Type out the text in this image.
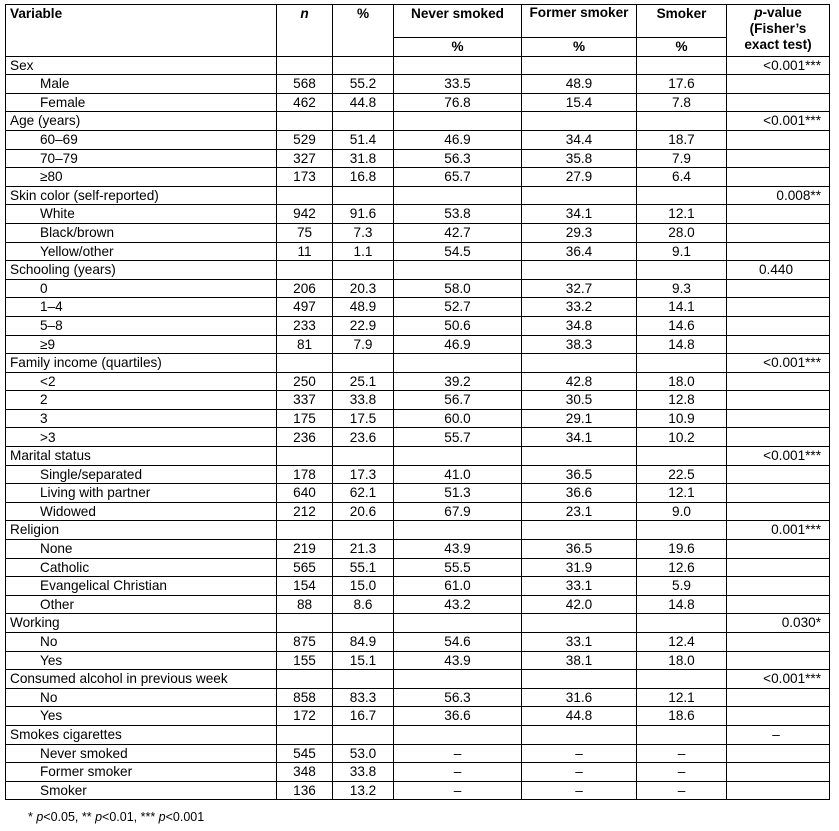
Variable	n	%	Never smoked	Former smoker	Smoker	p-value (Fisher’s exact test)
			%	%	%	
Sex						<0.001***
Male	568	55.2	33.5	48.9	17.6	
Female	462	44.8	76.8	15.4	7.8	
Age (years)						<0.001***
60–69	529	51.4	46.9	34.4	18.7	
70–79	327	31.8	56.3	35.8	7.9	
≥80	173	16.8	65.7	27.9	6.4	
Skin color (self-reported)						0.008**
White	942	91.6	53.8	34.1	12.1	
Black/brown	75	7.3	42.7	29.3	28.0	
Yellow/other	11	1.1	54.5	36.4	9.1	
Schooling (years)						0.440
0	206	20.3	58.0	32.7	9.3	
1–4	497	48.9	52.7	33.2	14.1	
5–8	233	22.9	50.6	34.8	14.6	
≥9	81	7.9	46.9	38.3	14.8	
Family income (quartiles)						<0.001***
<2	250	25.1	39.2	42.8	18.0	
2	337	33.8	56.7	30.5	12.8	
3	175	17.5	60.0	29.1	10.9	
>3	236	23.6	55.7	34.1	10.2	
Marital status						<0.001***
Single/separated	178	17.3	41.0	36.5	22.5	
Living with partner	640	62.1	51.3	36.6	12.1	
Widowed	212	20.6	67.9	23.1	9.0	
Religion						0.001***
None	219	21.3	43.9	36.5	19.6	
Catholic	565	55.1	55.5	31.9	12.6	
Evangelical Christian	154	15.0	61.0	33.1	5.9	
Other	88	8.6	43.2	42.0	14.8	
Working						0.030*
No	875	84.9	54.6	33.1	12.4	
Yes	155	15.1	43.9	38.1	18.0	
Consumed alcohol in previous week						<0.001***
No	858	83.3	56.3	31.6	12.1	
Yes	172	16.7	36.6	44.8	18.6	
Smokes cigarettes						–
Never smoked	545	53.0	–	–	–	
Former smoker	348	33.8	–	–	–	
Smoker	136	13.2	–	–	–	
* p<0.05, ** p<0.01, *** p<0.001
